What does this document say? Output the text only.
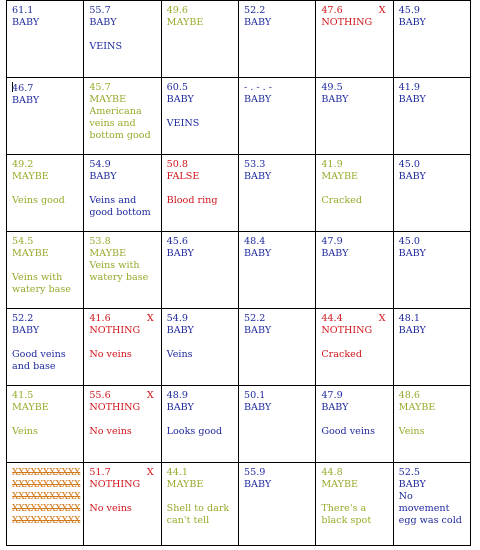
61.1
BABY	55.7
BABY
VEINS	49.6
MAYBE	52.2
BABY	47.6 X
NOTHING	45.9
BABY

46.7
BABY	45.7
MAYBE
Americana
veins and
bottom good	60.5
BABY
VEINS	- . - . -
BABY	49.5
BABY	41.9
BABY

49.2
MAYBE
Veins good	54.9
BABY
Veins and
good bottom	50.8
FALSE
Blood ring	53.3
BABY	41.9
MAYBE
Cracked	45.0
BABY

54.5
MAYBE
Veins with
watery base	53.8
MAYBE
Veins with
watery base	45.6
BABY	48.4
BABY	47.9
BABY	45.0
BABY

52.2
BABY
Good veins
and base	41.6 X
NOTHING
No veins	54.9
BABY
Veins	52.2
BABY	44.4 X
NOTHING
Cracked	48.1
BABY

41.5
MAYBE
Veins	55.6 X
NOTHING
No veins	48.9
BABY
Looks good	50.1
BABY	47.9
BABY
Good veins	48.6
MAYBE
Veins

XXXXXXXXXXX
XXXXXXXXXXX
XXXXXXXXXXX
XXXXXXXXXXX
XXXXXXXXXXX	51.7 X
NOTHING
No veins	44.1
MAYBE
Shell to dark
can't tell	55.9
BABY	44.8
MAYBE
There's a
black spot	52.5
BABY
No
movement
egg was cold
